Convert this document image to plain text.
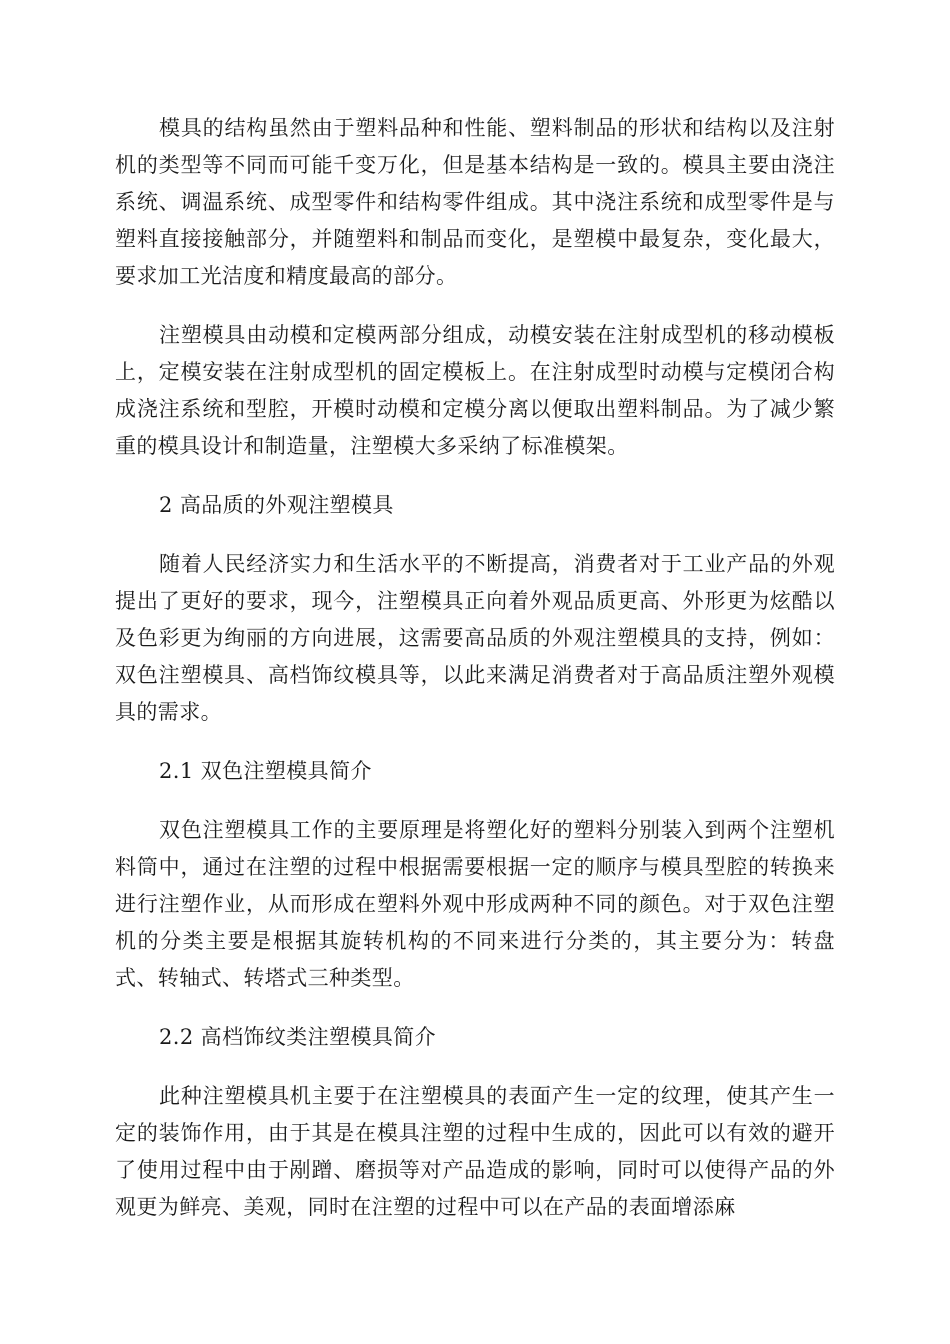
模具的结构虽然由于塑料品种和性能、塑料制品的形状和结构以及注射机的类型等不同而可能千变万化，但是基本结构是一致的。模具主要由浇注系统、调温系统、成型零件和结构零件组成。其中浇注系统和成型零件是与塑料直接接触部分，并随塑料和制品而变化，是塑模中最复杂，变化最大，要求加工光洁度和精度最高的部分。

注塑模具由动模和定模两部分组成，动模安装在注射成型机的移动模板上，定模安装在注射成型机的固定模板上。在注射成型时动模与定模闭合构成浇注系统和型腔，开模时动模和定模分离以便取出塑料制品。为了减少繁重的模具设计和制造量，注塑模大多采纳了标准模架。

2 高品质的外观注塑模具

随着人民经济实力和生活水平的不断提高，消费者对于工业产品的外观提出了更好的要求，现今，注塑模具正向着外观品质更高、外形更为炫酷以及色彩更为绚丽的方向进展，这需要高品质的外观注塑模具的支持，例如：双色注塑模具、高档饰纹模具等，以此来满足消费者对于高品质注塑外观模具的需求。

2.1 双色注塑模具简介

双色注塑模具工作的主要原理是将塑化好的塑料分别装入到两个注塑机料筒中，通过在注塑的过程中根据需要根据一定的顺序与模具型腔的转换来进行注塑作业，从而形成在塑料外观中形成两种不同的颜色。对于双色注塑机的分类主要是根据其旋转机构的不同来进行分类的，其主要分为：转盘式、转轴式、转塔式三种类型。

2.2 高档饰纹类注塑模具简介

此种注塑模具机主要于在注塑模具的表面产生一定的纹理，使其产生一定的装饰作用，由于其是在模具注塑的过程中生成的，因此可以有效的避开了使用过程中由于剐蹭、磨损等对产品造成的影响，同时可以使得产品的外观更为鲜亮、美观，同时在注塑的过程中可以在产品的表面增添麻
